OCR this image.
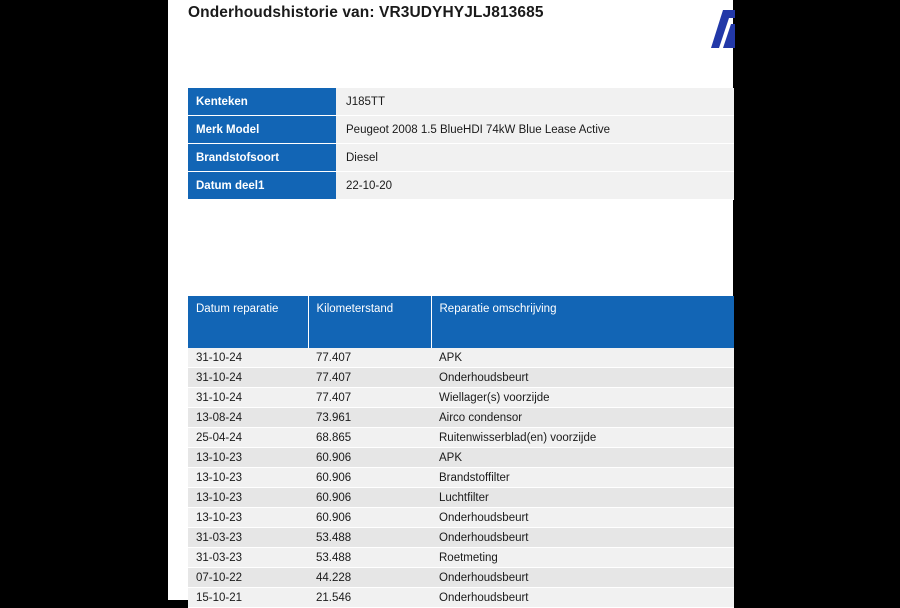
Onderhoudshistorie van: VR3UDYHYJLJ813685
Kenteken	J185TT
Merk Model	Peugeot 2008 1.5 BlueHDI 74kW Blue Lease Active
Brandstofsoort	Diesel
Datum deel1	22-10-20
Datum reparatie	Kilometerstand	Reparatie omschrijving
31-10-24	77.407	APK
31-10-24	77.407	Onderhoudsbeurt
31-10-24	77.407	Wiellager(s) voorzijde
13-08-24	73.961	Airco condensor
25-04-24	68.865	Ruitenwisserblad(en) voorzijde
13-10-23	60.906	APK
13-10-23	60.906	Brandstoffilter
13-10-23	60.906	Luchtfilter
13-10-23	60.906	Onderhoudsbeurt
31-03-23	53.488	Onderhoudsbeurt
31-03-23	53.488	Roetmeting
07-10-22	44.228	Onderhoudsbeurt
15-10-21	21.546	Onderhoudsbeurt
